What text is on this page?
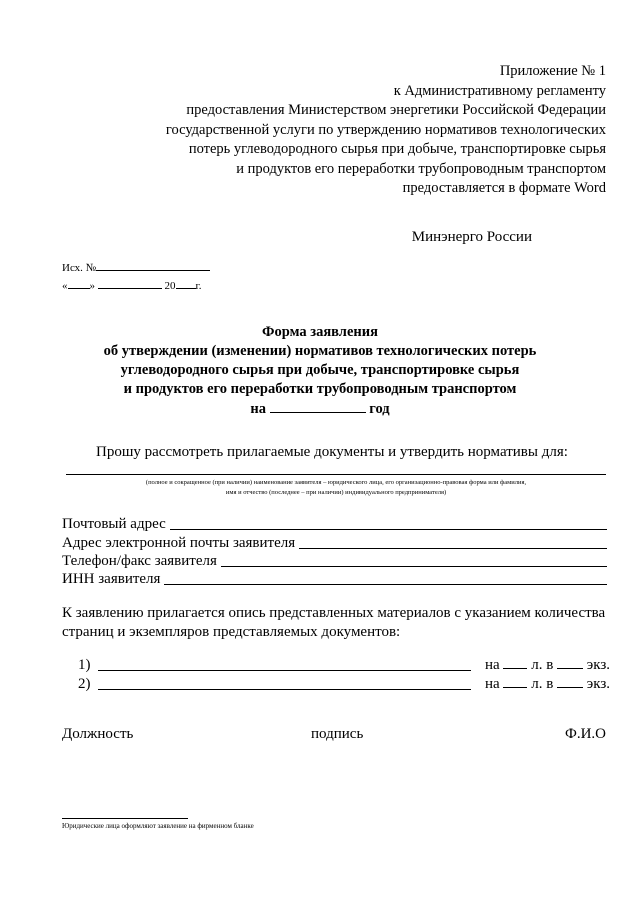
Приложение № 1
к Административному регламенту
предоставления Министерством энергетики Российской Федерации
государственной услуги по утверждению нормативов технологических
потерь углеводородного сырья при добыче, транспортировке сырья
и продуктов его переработки трубопроводным транспортом
предоставляется в формате Word
Минэнерго России
Исх. №
« »	20 г.
Форма заявления
об утверждении (изменении) нормативов технологических потерь
углеводородного сырья при добыче, транспортировке сырья
и продуктов его переработки трубопроводным транспортом
на	год
Прошу рассмотреть прилагаемые документы и утвердить нормативы для:
(полное и сокращенное (при наличии) наименование заявителя – юридического лица, его организационно-правовая форма или фамилия,
имя и отчество (последнее – при наличии) индивидуального предпринимателя)
Почтовый адрес
Адрес электронной почты заявителя
Телефон/факс заявителя
ИНН заявителя
К заявлению прилагается опись представленных материалов с указанием количества страниц и экземпляров представляемых документов:
1)	на л. в экз.
2)	на л. в экз.
Должность	подпись	Ф.И.О
Юридические лица оформляют заявление на фирменном бланке
